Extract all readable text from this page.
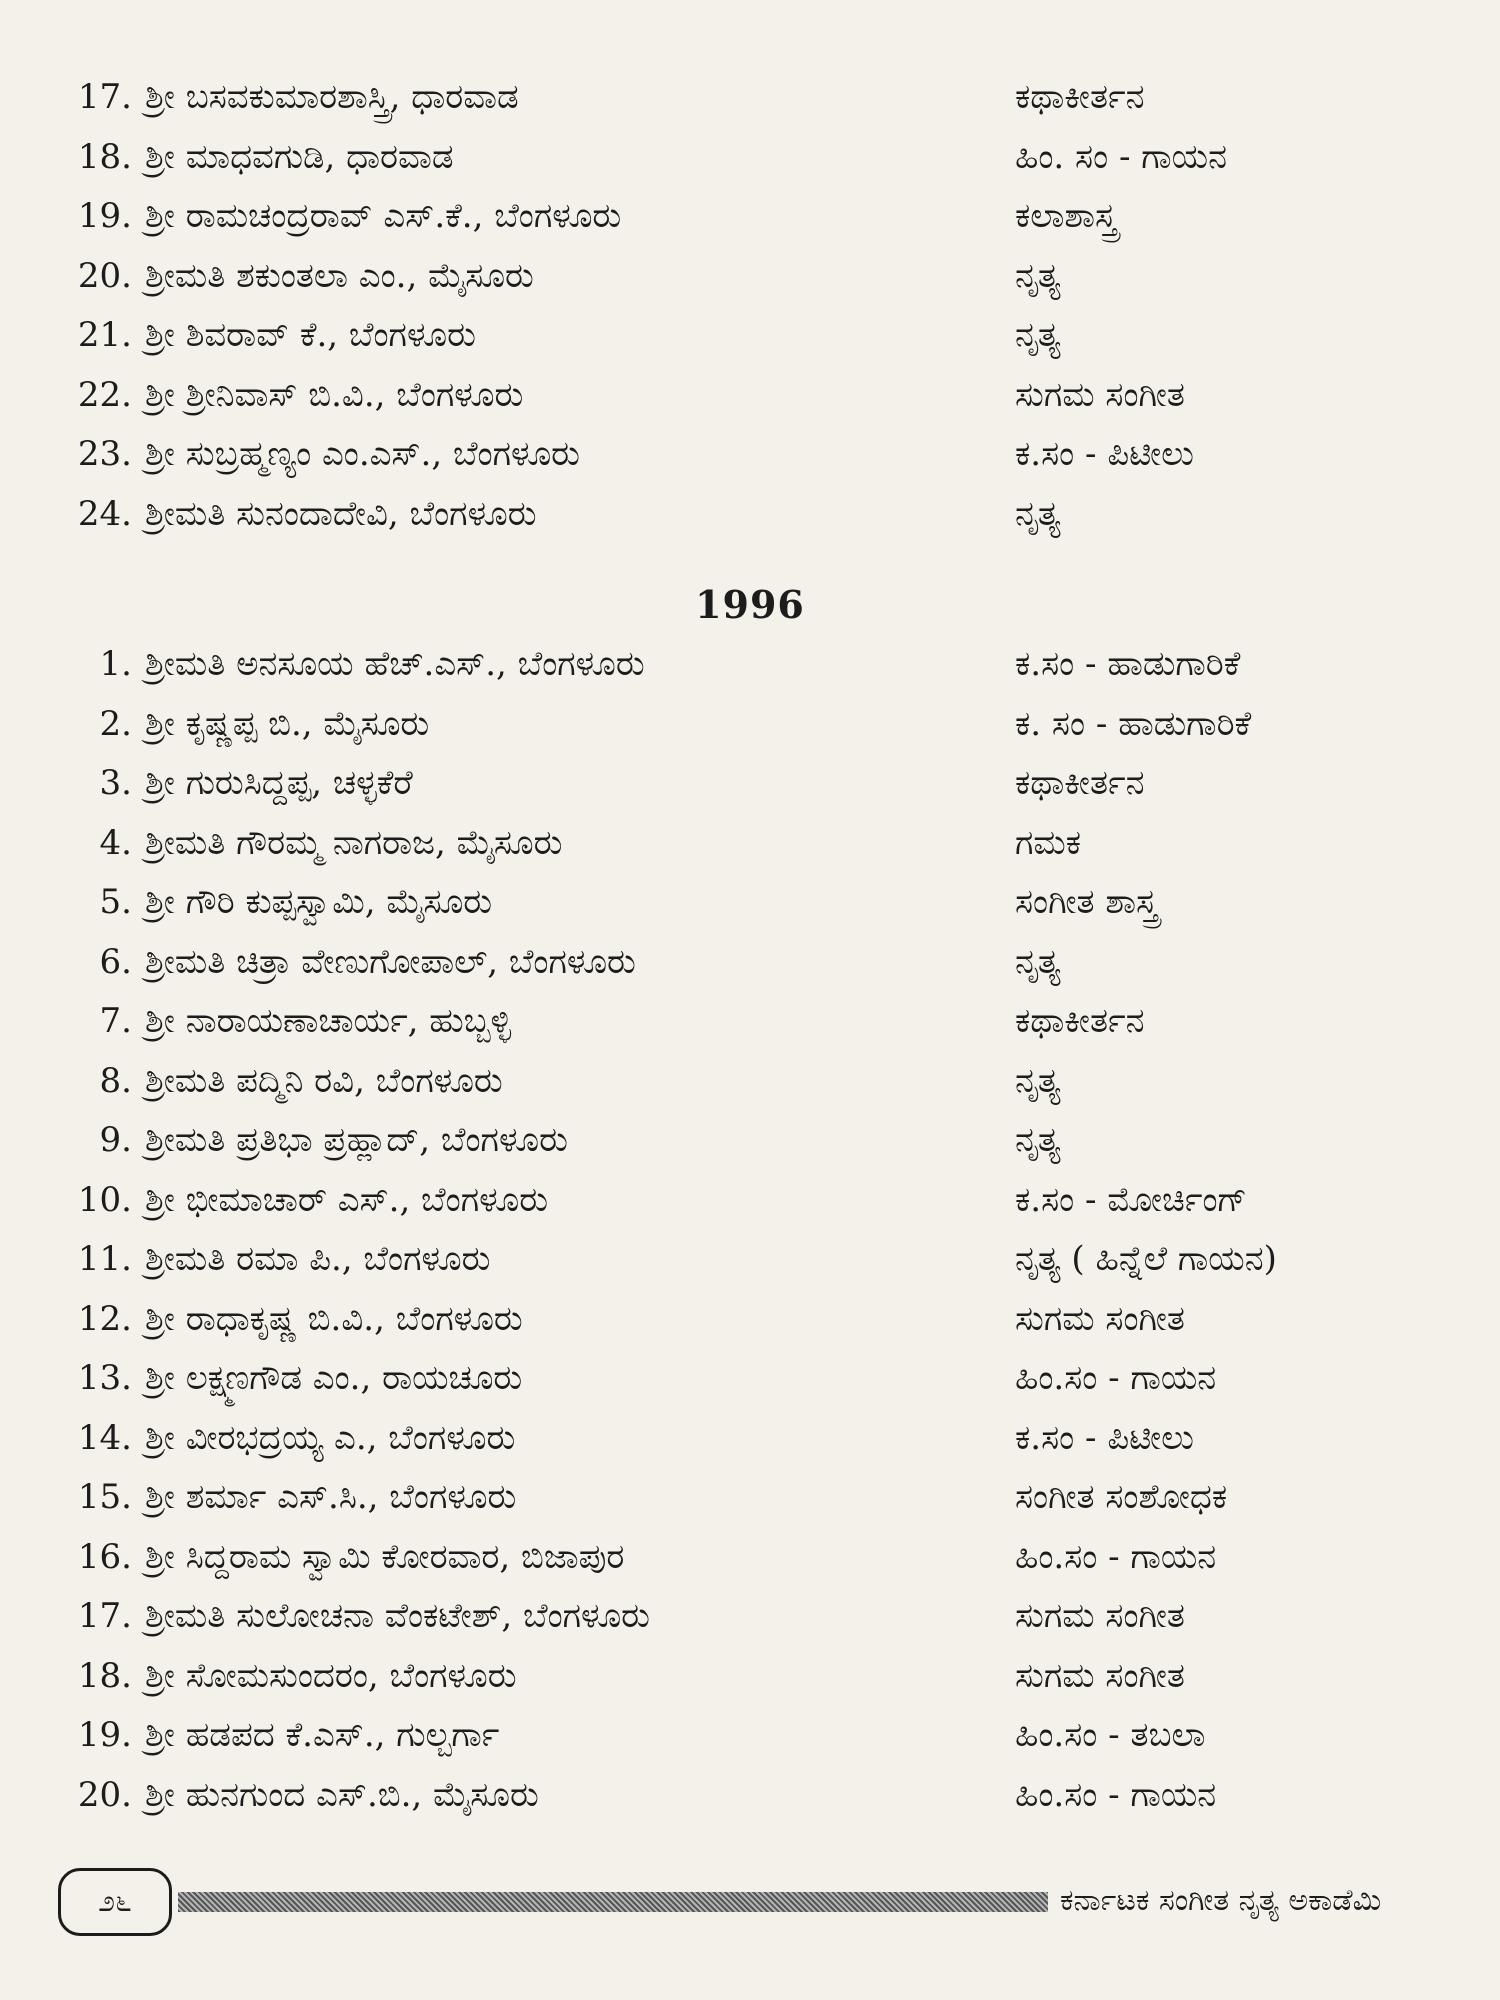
17. ಶ್ರೀ ಬಸವಕುಮಾರಶಾಸ್ತ್ರಿ, ಧಾರವಾಡ	ಕಥಾಕೀರ್ತನ
18. ಶ್ರೀ ಮಾಧವಗುಡಿ, ಧಾರವಾಡ	ಹಿಂ. ಸಂ - ಗಾಯನ
19. ಶ್ರೀ ರಾಮಚಂದ್ರರಾವ್ ಎಸ್.ಕೆ., ಬೆಂಗಳೂರು	ಕಲಾಶಾಸ್ತ್ರ
20. ಶ್ರೀಮತಿ ಶಕುಂತಲಾ ಎಂ., ಮೈಸೂರು	ನೃತ್ಯ
21. ಶ್ರೀ ಶಿವರಾವ್ ಕೆ., ಬೆಂಗಳೂರು	ನೃತ್ಯ
22. ಶ್ರೀ ಶ್ರೀನಿವಾಸ್ ಬಿ.ವಿ., ಬೆಂಗಳೂರು	ಸುಗಮ ಸಂಗೀತ
23. ಶ್ರೀ ಸುಬ್ರಹ್ಮಣ್ಯಂ ಎಂ.ಎಸ್., ಬೆಂಗಳೂರು	ಕ.ಸಂ - ಪಿಟೀಲು
24. ಶ್ರೀಮತಿ ಸುನಂದಾದೇವಿ, ಬೆಂಗಳೂರು	ನೃತ್ಯ
1996
1. ಶ್ರೀಮತಿ ಅನಸೂಯ ಹೆಚ್.ಎಸ್., ಬೆಂಗಳೂರು	ಕ.ಸಂ - ಹಾಡುಗಾರಿಕೆ
2. ಶ್ರೀ ಕೃಷ್ಣಪ್ಪ ಬಿ., ಮೈಸೂರು	ಕ. ಸಂ - ಹಾಡುಗಾರಿಕೆ
3. ಶ್ರೀ ಗುರುಸಿದ್ದಪ್ಪ, ಚಳ್ಳಕೆರೆ	ಕಥಾಕೀರ್ತನ
4. ಶ್ರೀಮತಿ ಗೌರಮ್ಮ ನಾಗರಾಜ, ಮೈಸೂರು	ಗಮಕ
5. ಶ್ರೀ ಗೌರಿ ಕುಪ್ಪಸ್ವಾಮಿ, ಮೈಸೂರು	ಸಂಗೀತ ಶಾಸ್ತ್ರ
6. ಶ್ರೀಮತಿ ಚಿತ್ರಾ ವೇಣುಗೋಪಾಲ್, ಬೆಂಗಳೂರು	ನೃತ್ಯ
7. ಶ್ರೀ ನಾರಾಯಣಾಚಾರ್ಯ, ಹುಬ್ಬಳ್ಳಿ	ಕಥಾಕೀರ್ತನ
8. ಶ್ರೀಮತಿ ಪದ್ಮಿನಿ ರವಿ, ಬೆಂಗಳೂರು	ನೃತ್ಯ
9. ಶ್ರೀಮತಿ ಪ್ರತಿಭಾ ಪ್ರಹ್ಲಾದ್, ಬೆಂಗಳೂರು	ನೃತ್ಯ
10. ಶ್ರೀ ಭೀಮಾಚಾರ್ ಎಸ್., ಬೆಂಗಳೂರು	ಕ.ಸಂ - ಮೋರ್ಚಿಂಗ್
11. ಶ್ರೀಮತಿ ರಮಾ ಪಿ., ಬೆಂಗಳೂರು	ನೃತ್ಯ ( ಹಿನ್ನೆಲೆ ಗಾಯನ)
12. ಶ್ರೀ ರಾಧಾಕೃಷ್ಣ ಬಿ.ವಿ., ಬೆಂಗಳೂರು	ಸುಗಮ ಸಂಗೀತ
13. ಶ್ರೀ ಲಕ್ಷ್ಮಣಗೌಡ ಎಂ., ರಾಯಚೂರು	ಹಿಂ.ಸಂ - ಗಾಯನ
14. ಶ್ರೀ ವೀರಭದ್ರಯ್ಯ ಎ., ಬೆಂಗಳೂರು	ಕ.ಸಂ - ಪಿಟೀಲು
15. ಶ್ರೀ ಶರ್ಮಾ ಎಸ್.ಸಿ., ಬೆಂಗಳೂರು	ಸಂಗೀತ ಸಂಶೋಧಕ
16. ಶ್ರೀ ಸಿದ್ದರಾಮ ಸ್ವಾಮಿ ಕೋರವಾರ, ಬಿಜಾಪುರ	ಹಿಂ.ಸಂ - ಗಾಯನ
17. ಶ್ರೀಮತಿ ಸುಲೋಚನಾ ವೆಂಕಟೇಶ್, ಬೆಂಗಳೂರು	ಸುಗಮ ಸಂಗೀತ
18. ಶ್ರೀ ಸೋಮಸುಂದರಂ, ಬೆಂಗಳೂರು	ಸುಗಮ ಸಂಗೀತ
19. ಶ್ರೀ ಹಡಪದ ಕೆ.ಎಸ್., ಗುಲ್ಬರ್ಗಾ	ಹಿಂ.ಸಂ - ತಬಲಾ
20. ಶ್ರೀ ಹುನಗುಂದ ಎಸ್.ಬಿ., ಮೈಸೂರು	ಹಿಂ.ಸಂ - ಗಾಯನ
೨೬	ಕರ್ನಾಟಕ ಸಂಗೀತ ನೃತ್ಯ ಅಕಾಡೆಮಿ
